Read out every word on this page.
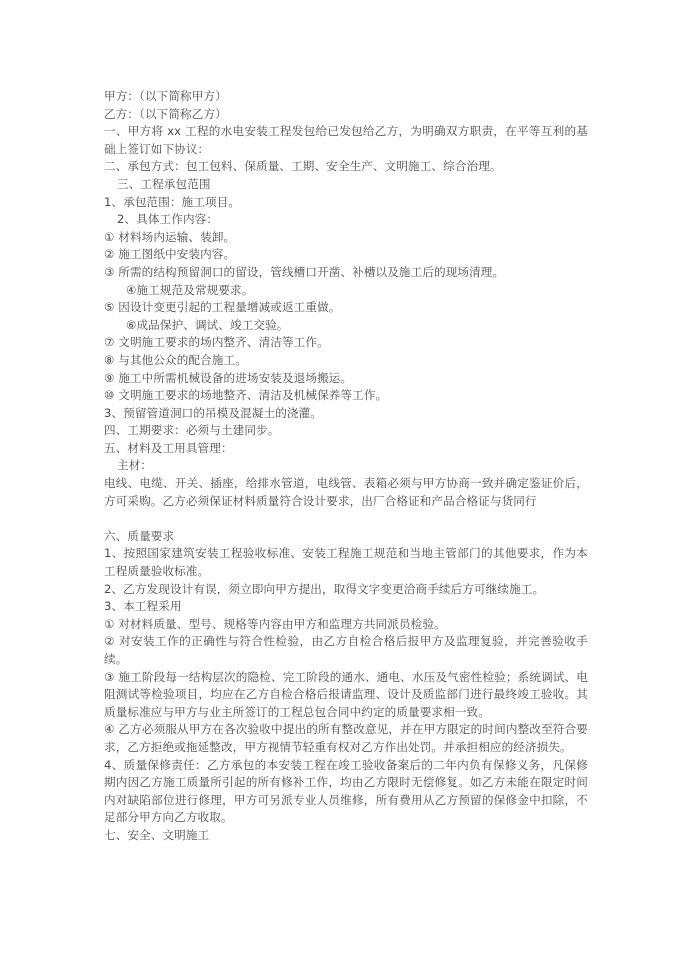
甲方：（以下简称甲方）

乙方：（以下简称乙方）

一、甲方将 xx 工程的水电安装工程发包给已发包给乙方，为明确双方职责，在平等互利的基础上签订如下协议：

二、承包方式：包工包料、保质量、工期、安全生产、文明施工、综合治理。

三、工程承包范围

1、承包范围：施工项目。

2、具体工作内容：

① 材料场内运输、装卸。

② 施工图纸中安装内容。

③ 所需的结构预留洞口的留设，管线槽口开凿、补槽以及施工后的现场清理。

④施工规范及常规要求。

⑤ 因设计变更引起的工程量增减或返工重做。

⑥成品保护、调试、竣工交验。

⑦ 文明施工要求的场内整齐、清洁等工作。

⑧ 与其他公众的配合施工。

⑨ 施工中所需机械设备的进场安装及退场搬运。

⑩ 文明施工要求的场地整齐、清洁及机械保养等工作。

3、预留管道洞口的吊模及混凝土的浇灌。

四、工期要求：必须与土建同步。

五、材料及工用具管理：

主材：

电线、电缆、开关、插座，给排水管道，电线管、表箱必须与甲方协商一致并确定鉴证价后，方可采购。乙方必须保证材料质量符合设计要求，出厂合格证和产品合格证与货同行

六、质量要求

1、按照国家建筑安装工程验收标准、安装工程施工规范和当地主管部门的其他要求，作为本工程质量验收标准。

2、乙方发现设计有误，须立即向甲方提出，取得文字变更洽商手续后方可继续施工。

3、本工程采用

① 对材料质量、型号、规格等内容由甲方和监理方共同派员检验。

② 对安装工作的正确性与符合性检验，由乙方自检合格后报甲方及监理复验，并完善验收手续。

③ 施工阶段每一结构层次的隐检、完工阶段的通水、通电、水压及气密性检验；系统调试、电阻测试等检验项目，均应在乙方自检合格后报请监理、设计及质监部门进行最终竣工验收。其质量标准应与甲方与业主所签订的工程总包合同中约定的质量要求相一致。

④ 乙方必须服从甲方在各次验收中提出的所有整改意见，并在甲方限定的时间内整改至符合要求，乙方拒绝或拖延整改，甲方视情节轻重有权对乙方作出处罚。并承担相应的经济损失。

4、质量保修责任：乙方承包的本安装工程在竣工验收备案后的二年内负有保修义务，凡保修期内因乙方施工质量所引起的所有修补工作，均由乙方限时无偿修复。如乙方未能在限定时间内对缺陷部位进行修理，甲方可另派专业人员维修，所有费用从乙方预留的保修金中扣除，不足部分甲方向乙方收取。

七、安全、文明施工
